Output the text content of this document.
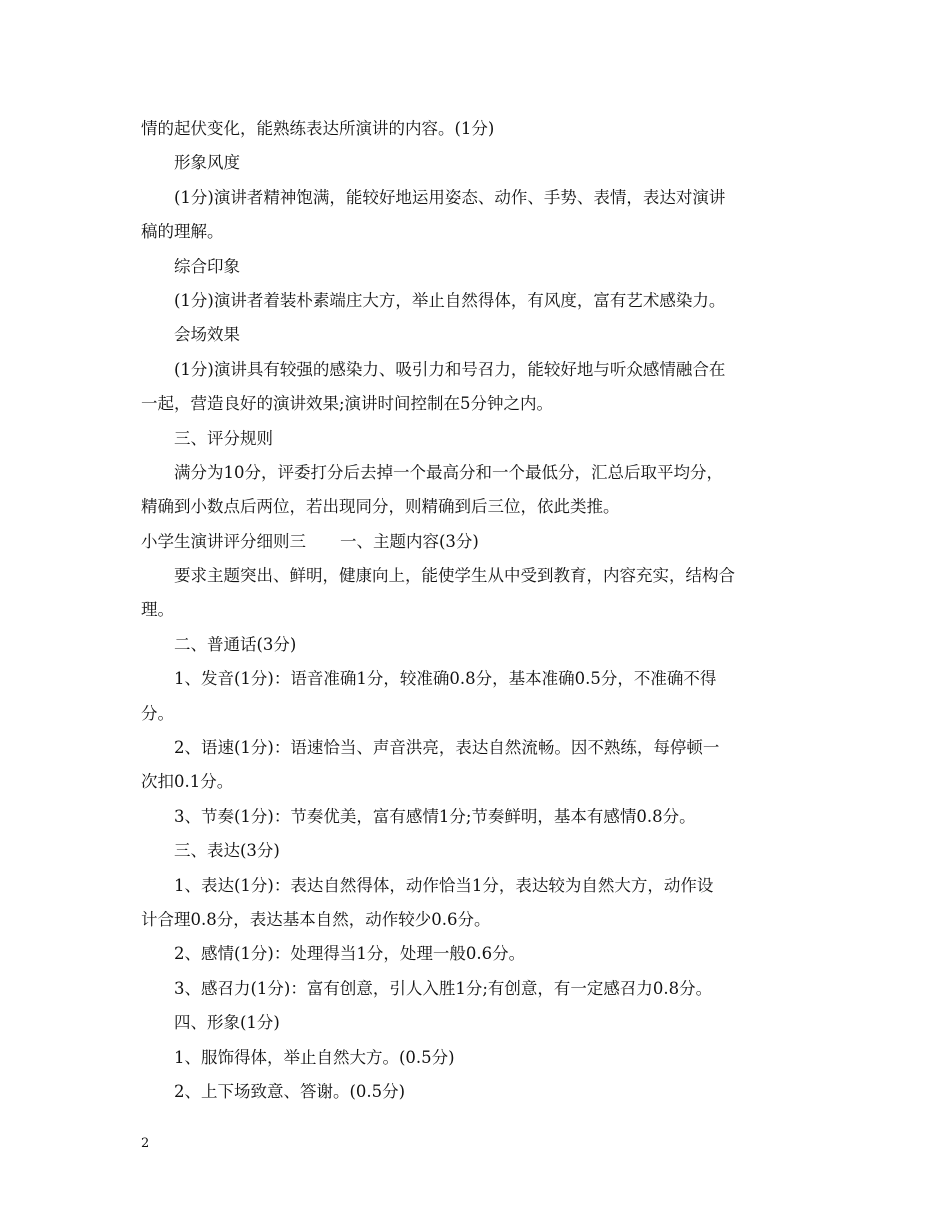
情的起伏变化，能熟练表达所演讲的内容。(1分)
形象风度
(1分)演讲者精神饱满，能较好地运用姿态、动作、手势、表情，表达对演讲
稿的理解。
综合印象
(1分)演讲者着装朴素端庄大方，举止自然得体，有风度，富有艺术感染力。
会场效果
(1分)演讲具有较强的感染力、吸引力和号召力，能较好地与听众感情融合在
一起，营造良好的演讲效果;演讲时间控制在5分钟之内。
三、评分规则
满分为10分，评委打分后去掉一个最高分和一个最低分，汇总后取平均分，
精确到小数点后两位，若出现同分，则精确到后三位，依此类推。
小学生演讲评分细则三 一、主题内容(3分)
要求主题突出、鲜明，健康向上，能使学生从中受到教育，内容充实，结构合
理。
二、普通话(3分)
1、发音(1分)：语音准确1分，较准确0.8分，基本准确0.5分，不准确不得
分。
2、语速(1分)：语速恰当、声音洪亮，表达自然流畅。因不熟练，每停顿一
次扣0.1分。
3、节奏(1分)：节奏优美，富有感情1分;节奏鲜明，基本有感情0.8分。
三、表达(3分)
1、表达(1分)：表达自然得体，动作恰当1分，表达较为自然大方，动作设
计合理0.8分，表达基本自然，动作较少0.6分。
2、感情(1分)：处理得当1分，处理一般0.6分。
3、感召力(1分)：富有创意，引人入胜1分;有创意，有一定感召力0.8分。
四、形象(1分)
1、服饰得体，举止自然大方。(0.5分)
2、上下场致意、答谢。(0.5分)
2
